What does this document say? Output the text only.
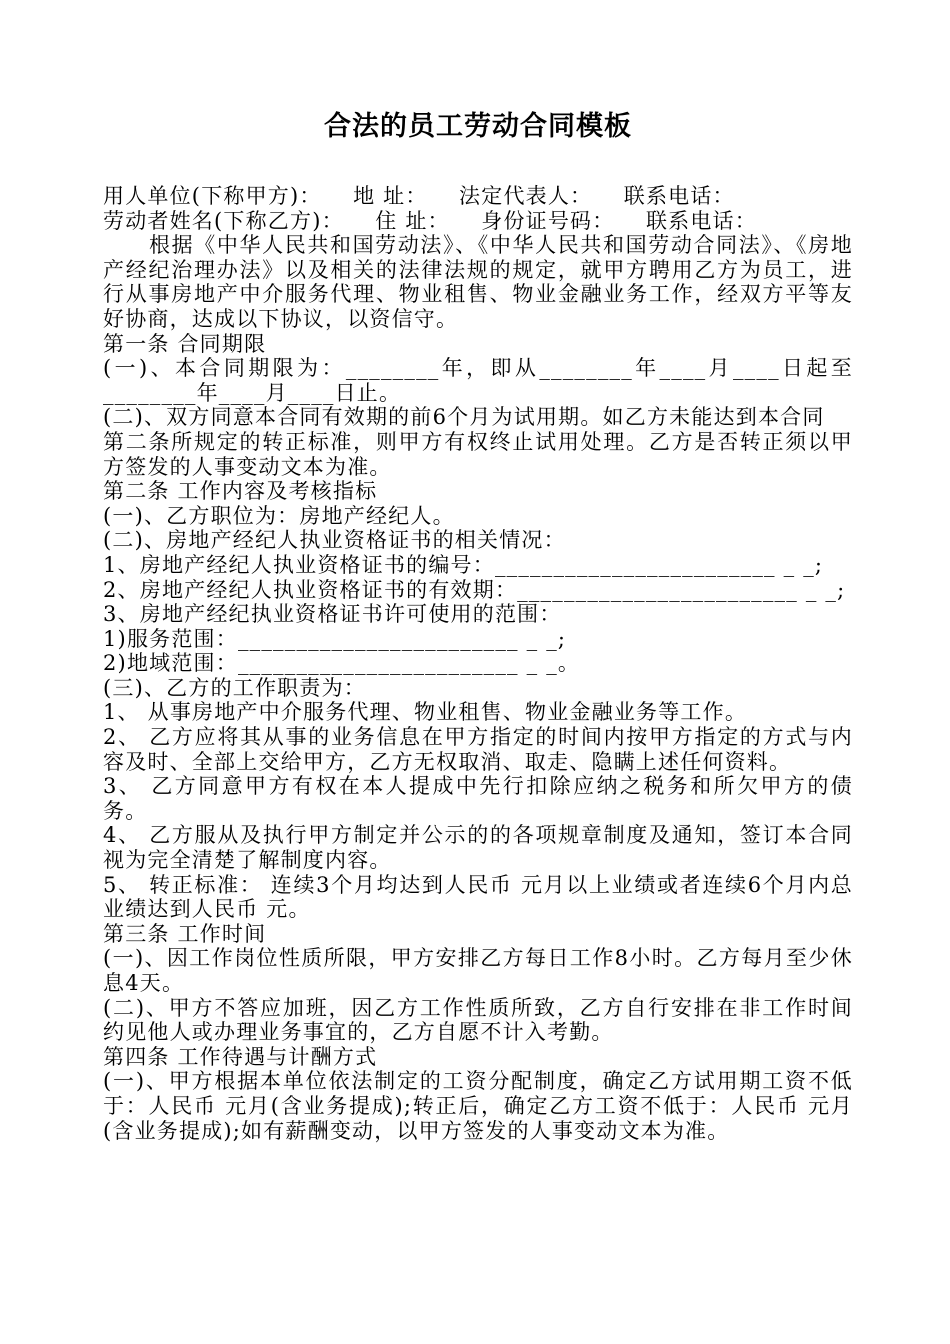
合法的员工劳动合同模板
用人单位(下称甲方)：    地 址：    法定代表人：    联系电话：
劳动者姓名(下称乙方)：    住 址：    身份证号码：    联系电话：
根据《中华人民共和国劳动法》、《中华人民共和国劳动合同法》、《房地产经纪治理办法》以及相关的法律法规的规定，就甲方聘用乙方为员工，进行从事房地产中介服务代理、物业租售、物业金融业务工作，经双方平等友好协商，达成以下协议，以资信守。
第一条 合同期限
(一)、本合同期限为：________年，即从________年____月____日起至________年____月____日止。
(二)、双方同意本合同有效期的前6个月为试用期。如乙方未能达到本合同
第二条所规定的转正标准，则甲方有权终止试用处理。乙方是否转正须以甲方签发的人事变动文本为准。
第二条 工作内容及考核指标
(一)、乙方职位为：房地产经纪人。
(二)、房地产经纪人执业资格证书的相关情况：
1、房地产经纪人执业资格证书的编号：________________________ _ _;
2、房地产经纪人执业资格证书的有效期：________________________ _ _;
3、房地产经纪执业资格证书许可使用的范围：
1)服务范围：________________________ _ _;
2)地域范围：________________________ _ _。
(三)、乙方的工作职责为：
1、 从事房地产中介服务代理、物业租售、物业金融业务等工作。
2、 乙方应将其从事的业务信息在甲方指定的时间内按甲方指定的方式与内容及时、全部上交给甲方，乙方无权取消、取走、隐瞒上述任何资料。
3、 乙方同意甲方有权在本人提成中先行扣除应纳之税务和所欠甲方的债务。
4、 乙方服从及执行甲方制定并公示的的各项规章制度及通知，签订本合同视为完全清楚了解制度内容。
5、 转正标准： 连续3个月均达到人民币 元月以上业绩或者连续6个月内总业绩达到人民币 元。
第三条 工作时间
(一)、因工作岗位性质所限，甲方安排乙方每日工作8小时。乙方每月至少休息4天。
(二)、甲方不答应加班，因乙方工作性质所致，乙方自行安排在非工作时间约见他人或办理业务事宜的，乙方自愿不计入考勤。
第四条 工作待遇与计酬方式
(一)、甲方根据本单位依法制定的工资分配制度，确定乙方试用期工资不低于：人民币 元月(含业务提成);转正后，确定乙方工资不低于：人民币 元月(含业务提成);如有薪酬变动，以甲方签发的人事变动文本为准。
